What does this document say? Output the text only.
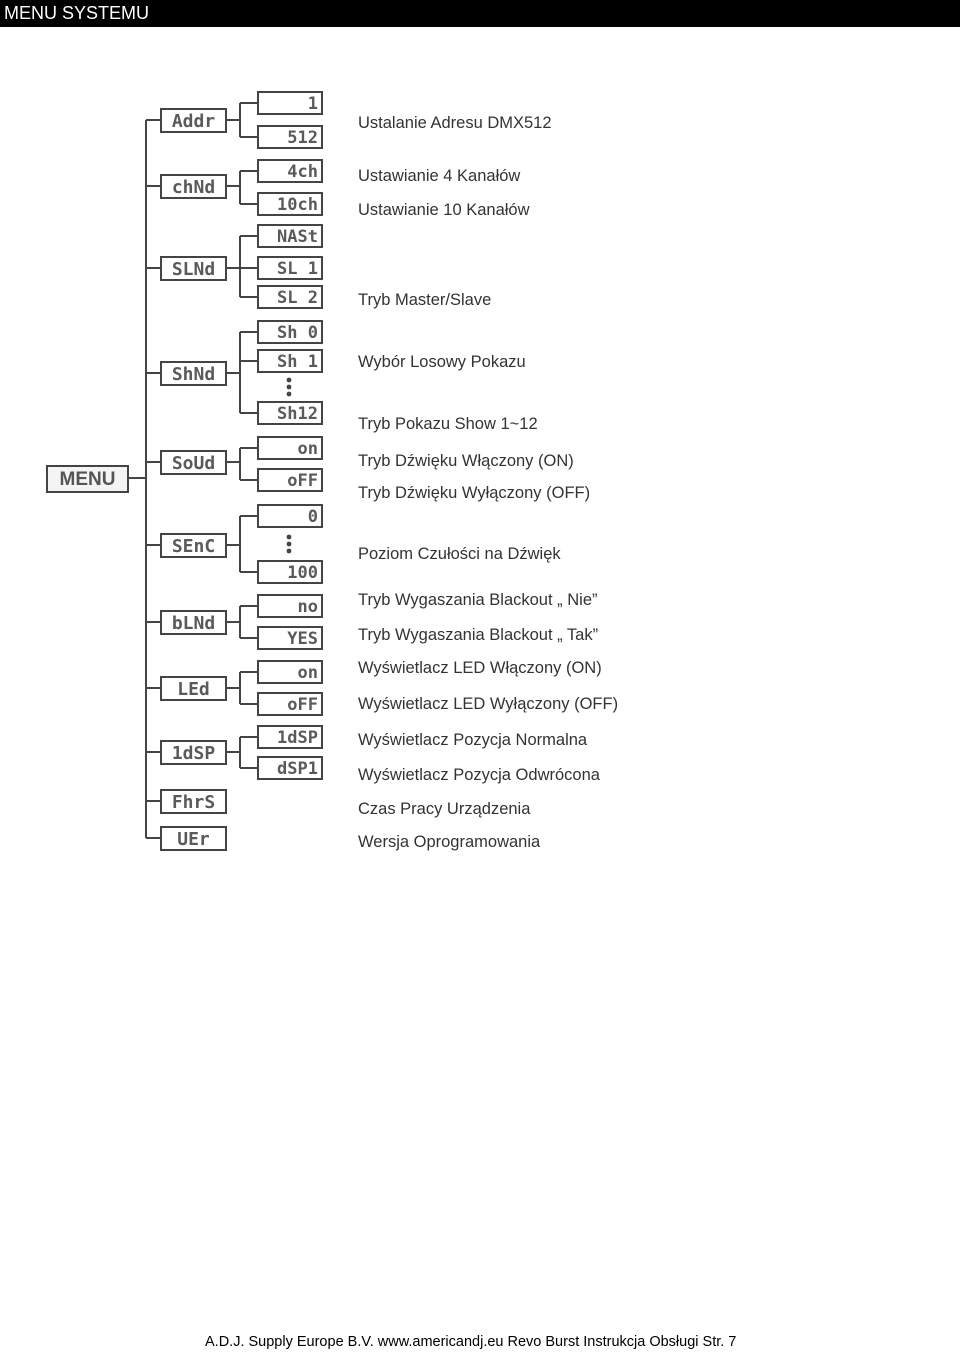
MENU SYSTEMU
MENU
Addr
chNd
SLNd
ShNd
SoUd
SEnC
bLNd
LEd
1dSP
FhrS
UEr
1
512
4ch
10ch
NASt
SL 1
SL 2
Sh 0
Sh 1
Sh12
on
oFF
0
100
no
YES
on
oFF
1dSP
dSP1
Ustalanie Adresu DMX512
Ustawianie 4 Kanałów
Ustawianie 10 Kanałów
Tryb Master/Slave
Wybór Losowy Pokazu
Tryb Pokazu Show 1~12
Tryb Dźwięku Włączony (ON)
Tryb Dźwięku Wyłączony (OFF)
Poziom Czułości na Dźwięk
Tryb Wygaszania Blackout „ Nie”
Tryb Wygaszania Blackout „ Tak”
Wyświetlacz LED Włączony (ON)
Wyświetlacz LED Wyłączony (OFF)
Wyświetlacz Pozycja Normalna
Wyświetlacz Pozycja Odwrócona
Czas Pracy Urządzenia
Wersja Oprogramowania
A.D.J. Supply Europe B.V. www.americandj.eu Revo Burst Instrukcja Obsługi Str. 7
